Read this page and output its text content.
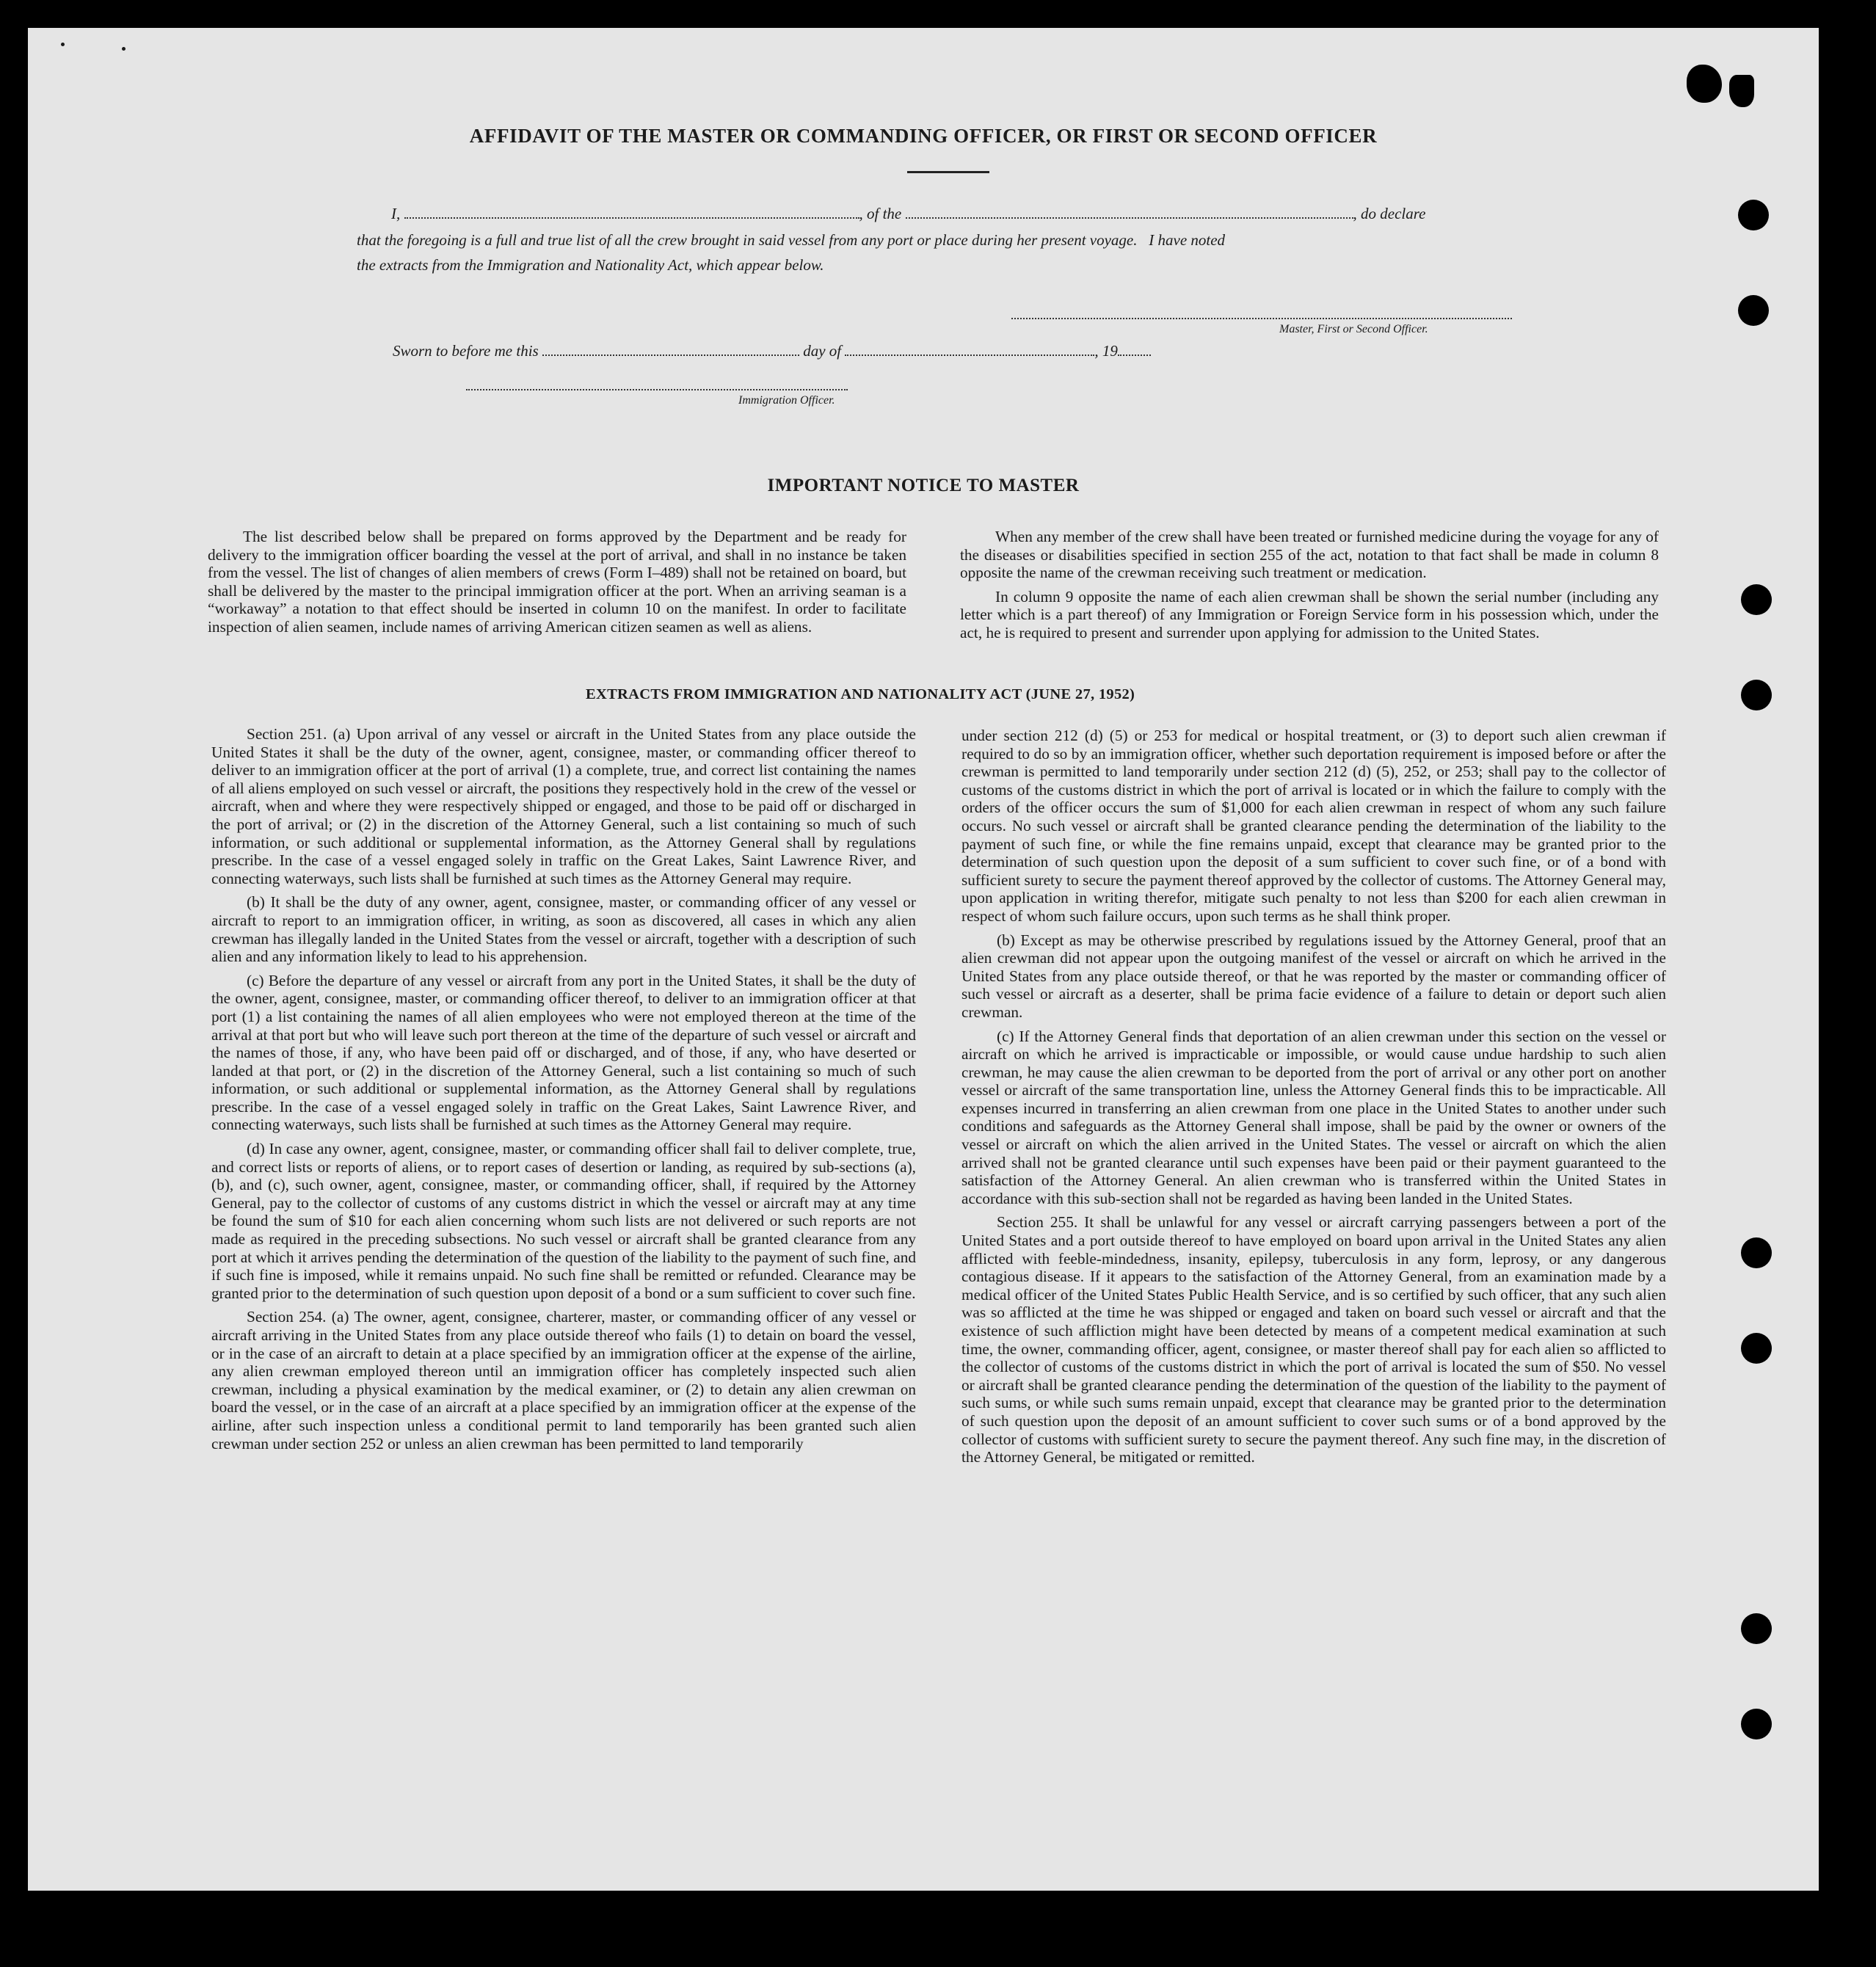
AFFIDAVIT OF THE MASTER OR COMMANDING OFFICER, OR FIRST OR SECOND OFFICER
I,	, of the	, do declare
that the foregoing is a full and true list of all the crew brought in said vessel from any port or place during her present voyage.   I have noted
the extracts from the Immigration and Nationality Act, which appear below.
Master, First or Second Officer.
Sworn to before me this	day of	, 19
Immigration Officer.
IMPORTANT NOTICE TO MASTER

The list described below shall be prepared on forms approved by the Department and be ready for delivery to the immigration officer boarding the vessel at the port of arrival, and shall in no instance be taken from the vessel. The list of changes of alien members of crews (Form I–489) shall not be retained on board, but shall be delivered by the master to the principal immigration officer at the port. When an arriving seaman is a “workaway” a notation to that effect should be inserted in column 10 on the manifest. In order to facilitate inspection of alien seamen, include names of arriving American citizen seamen as well as aliens.

When any member of the crew shall have been treated or furnished medicine during the voyage for any of the diseases or disabilities specified in section 255 of the act, notation to that fact shall be made in column 8 opposite the name of the crewman receiving such treatment or medication.

In column 9 opposite the name of each alien crewman shall be shown the serial number (including any letter which is a part thereof) of any Immigration or Foreign Service form in his possession which, under the act, he is required to present and surrender upon applying for admission to the United States.

EXTRACTS FROM IMMIGRATION AND NATIONALITY ACT (JUNE 27, 1952)

Section 251. (a) Upon arrival of any vessel or aircraft in the United States from any place outside the United States it shall be the duty of the owner, agent, consignee, master, or commanding officer thereof to deliver to an immigration officer at the port of arrival (1) a complete, true, and correct list containing the names of all aliens employed on such vessel or aircraft, the positions they respectively hold in the crew of the vessel or aircraft, when and where they were respectively shipped or engaged, and those to be paid off or discharged in the port of arrival; or (2) in the discretion of the Attorney General, such a list containing so much of such information, or such additional or supplemental information, as the Attorney General shall by regulations prescribe. In the case of a vessel engaged solely in traffic on the Great Lakes, Saint Lawrence River, and connecting waterways, such lists shall be furnished at such times as the Attorney General may require.

(b) It shall be the duty of any owner, agent, consignee, master, or commanding officer of any vessel or aircraft to report to an immigration officer, in writing, as soon as discovered, all cases in which any alien crewman has illegally landed in the United States from the vessel or aircraft, together with a description of such alien and any information likely to lead to his apprehension.

(c) Before the departure of any vessel or aircraft from any port in the United States, it shall be the duty of the owner, agent, consignee, master, or commanding officer thereof, to deliver to an immigration officer at that port (1) a list containing the names of all alien employees who were not employed thereon at the time of the arrival at that port but who will leave such port thereon at the time of the departure of such vessel or aircraft and the names of those, if any, who have been paid off or discharged, and of those, if any, who have deserted or landed at that port, or (2) in the discretion of the Attorney General, such a list containing so much of such information, or such additional or supplemental information, as the Attorney General shall by regulations prescribe. In the case of a vessel engaged solely in traffic on the Great Lakes, Saint Lawrence River, and connecting waterways, such lists shall be furnished at such times as the Attorney General may require.

(d) In case any owner, agent, consignee, master, or commanding officer shall fail to deliver complete, true, and correct lists or reports of aliens, or to report cases of desertion or landing, as required by sub-sections (a), (b), and (c), such owner, agent, consignee, master, or commanding officer, shall, if required by the Attorney General, pay to the collector of customs of any customs district in which the vessel or aircraft may at any time be found the sum of $10 for each alien concerning whom such lists are not delivered or such reports are not made as required in the preceding subsections. No such vessel or aircraft shall be granted clearance from any port at which it arrives pending the determination of the question of the liability to the payment of such fine, and if such fine is imposed, while it remains unpaid. No such fine shall be remitted or refunded. Clearance may be granted prior to the determination of such question upon deposit of a bond or a sum sufficient to cover such fine.

Section 254. (a) The owner, agent, consignee, charterer, master, or commanding officer of any vessel or aircraft arriving in the United States from any place outside thereof who fails (1) to detain on board the vessel, or in the case of an aircraft to detain at a place specified by an immigration officer at the expense of the airline, any alien crewman employed thereon until an immigration officer has completely inspected such alien crewman, including a physical examination by the medical examiner, or (2) to detain any alien crewman on board the vessel, or in the case of an aircraft at a place specified by an immigration officer at the expense of the airline, after such inspection unless a conditional permit to land temporarily has been granted such alien crewman under section 252 or unless an alien crewman has been permitted to land temporarily

under section 212 (d) (5) or 253 for medical or hospital treatment, or (3) to deport such alien crewman if required to do so by an immigration officer, whether such deportation requirement is imposed before or after the crewman is permitted to land temporarily under section 212 (d) (5), 252, or 253; shall pay to the collector of customs of the customs district in which the port of arrival is located or in which the failure to comply with the orders of the officer occurs the sum of $1,000 for each alien crewman in respect of whom any such failure occurs. No such vessel or aircraft shall be granted clearance pending the determination of the liability to the payment of such fine, or while the fine remains unpaid, except that clearance may be granted prior to the determination of such question upon the deposit of a sum sufficient to cover such fine, or of a bond with sufficient surety to secure the payment thereof approved by the collector of customs. The Attorney General may, upon application in writing therefor, mitigate such penalty to not less than $200 for each alien crewman in respect of whom such failure occurs, upon such terms as he shall think proper.

(b) Except as may be otherwise prescribed by regulations issued by the Attorney General, proof that an alien crewman did not appear upon the outgoing manifest of the vessel or aircraft on which he arrived in the United States from any place outside thereof, or that he was reported by the master or commanding officer of such vessel or aircraft as a deserter, shall be prima facie evidence of a failure to detain or deport such alien crewman.

(c) If the Attorney General finds that deportation of an alien crewman under this section on the vessel or aircraft on which he arrived is impracticable or impossible, or would cause undue hardship to such alien crewman, he may cause the alien crewman to be deported from the port of arrival or any other port on another vessel or aircraft of the same transportation line, unless the Attorney General finds this to be impracticable. All expenses incurred in transferring an alien crewman from one place in the United States to another under such conditions and safeguards as the Attorney General shall impose, shall be paid by the owner or owners of the vessel or aircraft on which the alien arrived in the United States. The vessel or aircraft on which the alien arrived shall not be granted clearance until such expenses have been paid or their payment guaranteed to the satisfaction of the Attorney General. An alien crewman who is transferred within the United States in accordance with this sub-section shall not be regarded as having been landed in the United States.

Section 255. It shall be unlawful for any vessel or aircraft carrying passengers between a port of the United States and a port outside thereof to have employed on board upon arrival in the United States any alien afflicted with feeble-mindedness, insanity, epilepsy, tuberculosis in any form, leprosy, or any dangerous contagious disease. If it appears to the satisfaction of the Attorney General, from an examination made by a medical officer of the United States Public Health Service, and is so certified by such officer, that any such alien was so afflicted at the time he was shipped or engaged and taken on board such vessel or aircraft and that the existence of such affliction might have been detected by means of a competent medical examination at such time, the owner, commanding officer, agent, consignee, or master thereof shall pay for each alien so afflicted to the collector of customs of the customs district in which the port of arrival is located the sum of $50. No vessel or aircraft shall be granted clearance pending the determination of the question of the liability to the payment of such sums, or while such sums remain unpaid, except that clearance may be granted prior to the determination of such question upon the deposit of an amount sufficient to cover such sums or of a bond approved by the collector of customs with sufficient surety to secure the payment thereof. Any such fine may, in the discretion of the Attorney General, be mitigated or remitted.
